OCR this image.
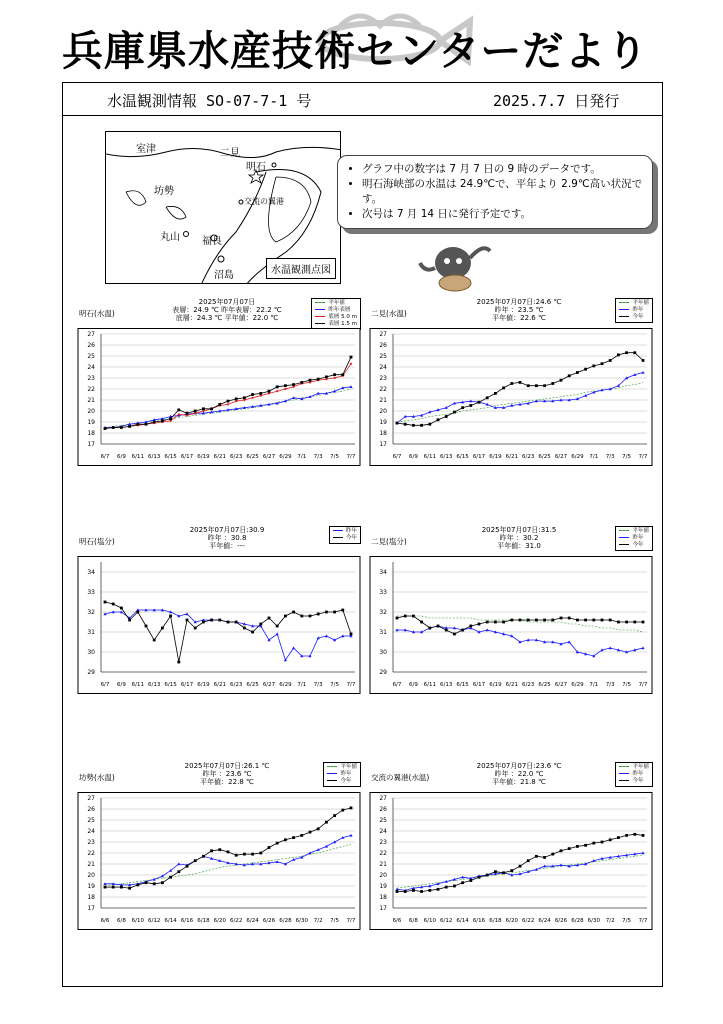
兵庫県水産技術センターだより
水温観測情報 SO-07-7-1 号	2025.7.7 日発行
室津	二見
明石
坊勢
交流の翼港
丸山 福良
沼島	水温観測点図
• グラフ中の数字は 7 月 7 日の 9 時のデータです。
• 明石海峡部の水温は 24.9℃で、平年より 2.9℃高い状況です。
• 次号は 7 月 14 日に発行予定です。
2025年07月07日
表層：24.9 ℃ 昨年表層：22.2 ℃
底層：24.3 ℃ 平年値：22.0 ℃
明石(水温)
平年値
昨年表層
底層 5.0 m
表層 1.5 m
17
18
19
20
21
22
23
24
25
26
27
6/7 6/9 6/11 6/13 6/15 6/17 6/19 6/21 6/23 6/25 6/27 6/29 7/1 7/3 7/5 7/7
2025年07月07日:24.6 ℃
昨年 ：23.5 ℃
平年値：22.6 ℃
二見(水温)
平年値
昨年
今年
17
18
19
20
21
22
23
24
25
26
27
6/7 6/9 6/11 6/13 6/15 6/17 6/19 6/21 6/23 6/25 6/27 6/29 7/1 7/3 7/5 7/7
2025年07月07日:30.9
昨年 ：30.8
平年値：---
明石(塩分)
昨年
今年
29
30
31
32
33
34
6/7 6/9 6/11 6/13 6/15 6/17 6/19 6/21 6/23 6/25 6/27 6/29 7/1 7/3 7/5 7/7
2025年07月07日:31.5
昨年 ：30.2
平年値：31.0
二見(塩分)
平年値
昨年
今年
29
30
31
32
33
34
6/7 6/9 6/11 6/13 6/15 6/17 6/19 6/21 6/23 6/25 6/27 6/29 7/1 7/3 7/5 7/7
2025年07月07日:26.1 ℃
昨年 ：23.6 ℃
平年値：22.8 ℃
坊勢(水温)
平年値
昨年
今年
17
18
19
20
21
22
23
24
25
26
27
6/6 6/8 6/10 6/12 6/14 6/16 6/18 6/20 6/22 6/24 6/26 6/28 6/30 7/2 7/5 7/7
2025年07月07日:23.6 ℃
昨年 ：22.0 ℃
平年値：21.8 ℃
交流の翼港(水温)
平年値
昨年
今年
17
18
19
20
21
22
23
24
25
26
27
6/6 6/8 6/10 6/12 6/14 6/16 6/18 6/20 6/22 6/24 6/26 6/28 6/30 7/2 7/5 7/7
